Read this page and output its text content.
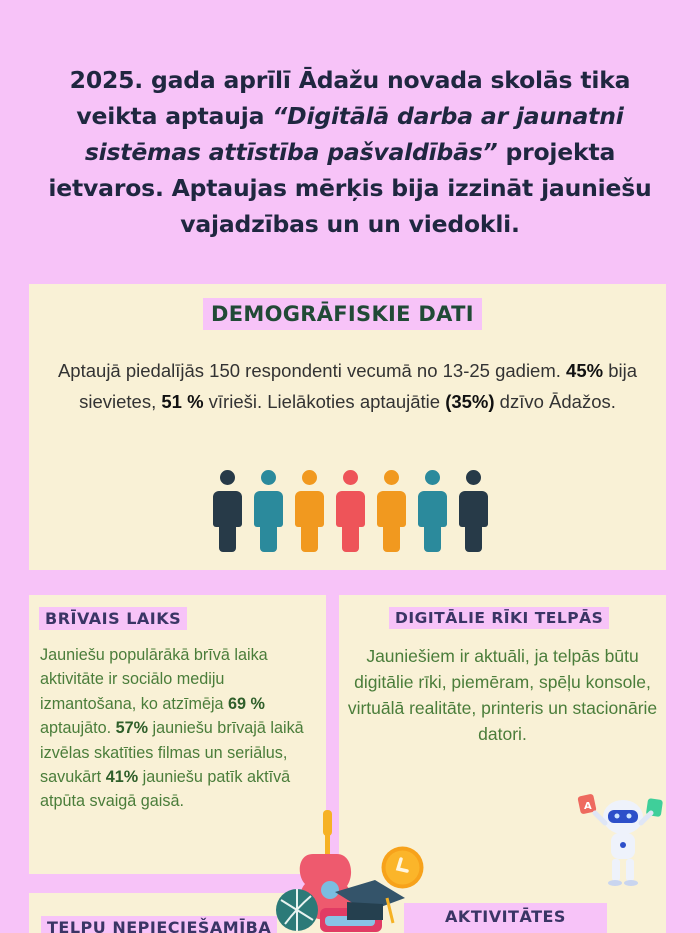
2025. gada aprīlī Ādažu novada skolās tika veikta aptauja “Digitālā darba ar jaunatni sistēmas attīstība pašvaldībās” projekta ietvaros. Aptaujas mērķis bija izzināt jauniešu vajadzības un un viedokli.
DEMOGRĀFISKIE DATI
Aptaujā piedalījās 150 respondenti vecumā no 13-25 gadiem. 45% bija sievietes, 51 % vīrieši. Lielākoties aptaujātie (35%) dzīvo Ādažos.
BRĪVAIS LAIKS
Jauniešu populārākā brīvā laika aktivitāte ir sociālo mediju izmantošana, ko atzīmēja 69 % aptaujāto. 57% jauniešu brīvajā laikā izvēlas skatīties filmas un seriālus, savukārt 41% jauniešu patīk aktīvā atpūta svaigā gaisā.
DIGITĀLIE RĪKI TELPĀS
Jauniešiem ir aktuāli, ja telpās būtu digitālie rīki, piemēram, spēļu konsole, virtuālā realitāte, printeris un stacionārie datori.
AKTIVITĀTES
TELPU NEPIECIEŠAMĪBA
A
